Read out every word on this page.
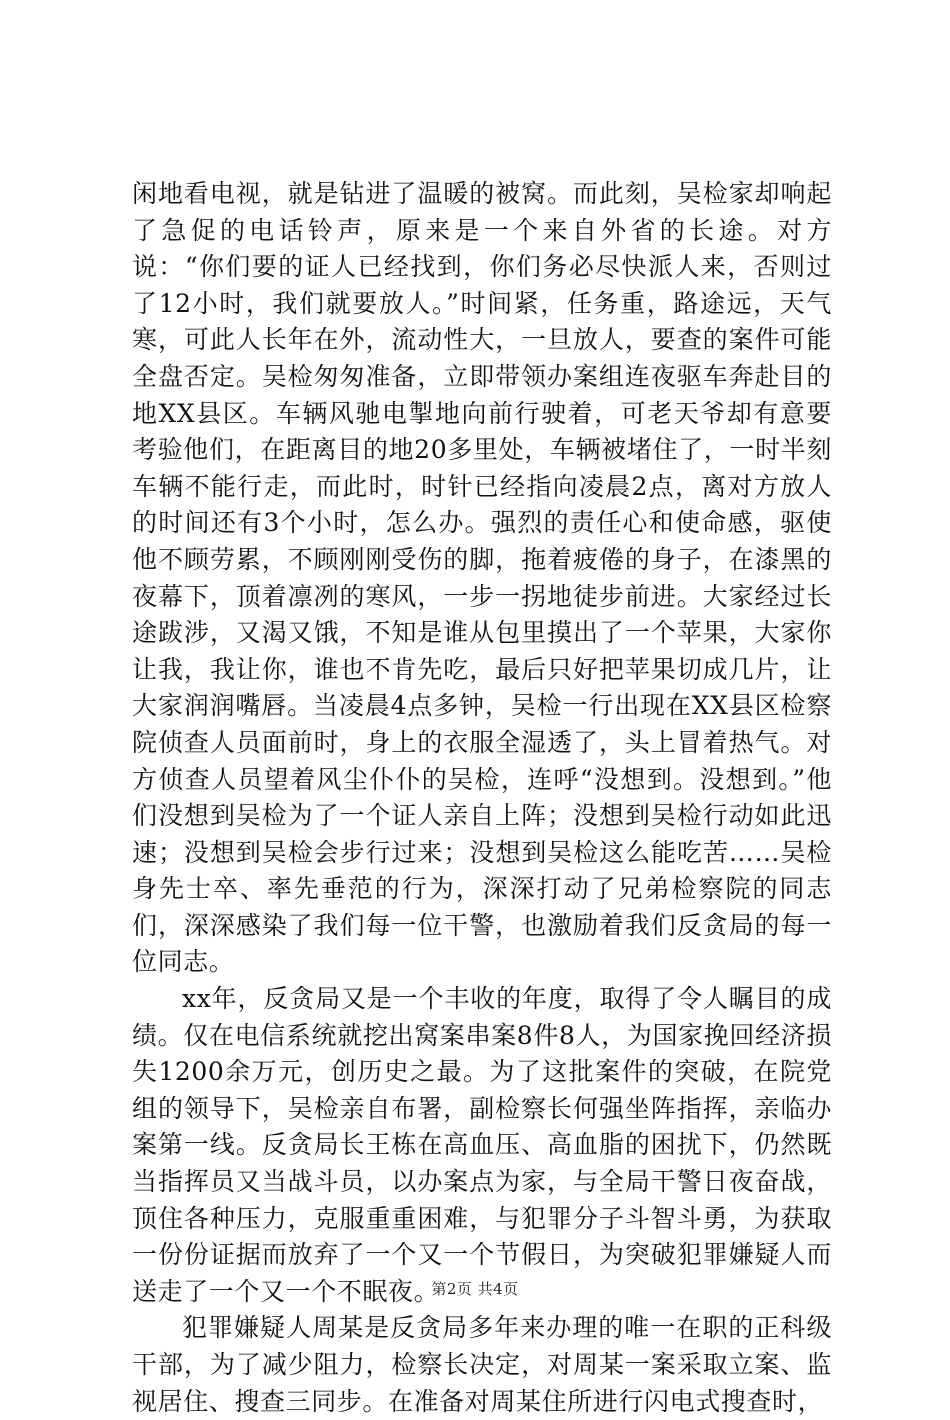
闲地看电视，就是钻进了温暖的被窝。而此刻，吴检家却响起了急促的电话铃声，原来是一个来自外省的长途。对方说：“你们要的证人已经找到，你们务必尽快派人来，否则过了12小时，我们就要放人。”时间紧，任务重，路途远，天气寒，可此人长年在外，流动性大，一旦放人，要查的案件可能全盘否定。吴检匆匆准备，立即带领办案组连夜驱车奔赴目的地XX县区。车辆风驰电掣地向前行驶着，可老天爷却有意要考验他们，在距离目的地20多里处，车辆被堵住了，一时半刻车辆不能行走，而此时，时针已经指向凌晨2点，离对方放人的时间还有3个小时，怎么办。强烈的责任心和使命感，驱使他不顾劳累，不顾刚刚受伤的脚，拖着疲倦的身子，在漆黑的夜幕下，顶着凛冽的寒风，一步一拐地徒步前进。大家经过长途跋涉，又渴又饿，不知是谁从包里摸出了一个苹果，大家你让我，我让你，谁也不肯先吃，最后只好把苹果切成几片，让大家润润嘴唇。当凌晨4点多钟，吴检一行出现在XX县区检察院侦查人员面前时，身上的衣服全湿透了，头上冒着热气。对方侦查人员望着风尘仆仆的吴检，连呼“没想到。没想到。”他们没想到吴检为了一个证人亲自上阵；没想到吴检行动如此迅速；没想到吴检会步行过来；没想到吴检这么能吃苦……吴检身先士卒、率先垂范的行为，深深打动了兄弟检察院的同志们，深深感染了我们每一位干警，也激励着我们反贪局的每一位同志。

xx年，反贪局又是一个丰收的年度，取得了令人瞩目的成绩。仅在电信系统就挖出窝案串案8件8人，为国家挽回经济损失1200余万元，创历史之最。为了这批案件的突破，在院党组的领导下，吴检亲自布署，副检察长何强坐阵指挥，亲临办案第一线。反贪局长王栋在高血压、高血脂的困扰下，仍然既当指挥员又当战斗员，以办案点为家，与全局干警日夜奋战，顶住各种压力，克服重重困难，与犯罪分子斗智斗勇，为获取一份份证据而放弃了一个又一个节假日，为突破犯罪嫌疑人而送走了一个又一个不眠夜。

犯罪嫌疑人周某是反贪局多年来办理的唯一在职的正科级干部，为了减少阻力，检察长决定，对周某一案采取立案、监视居住、搜查三同步。在准备对周某住所进行闪电式搜查时，

第2页 共4页
